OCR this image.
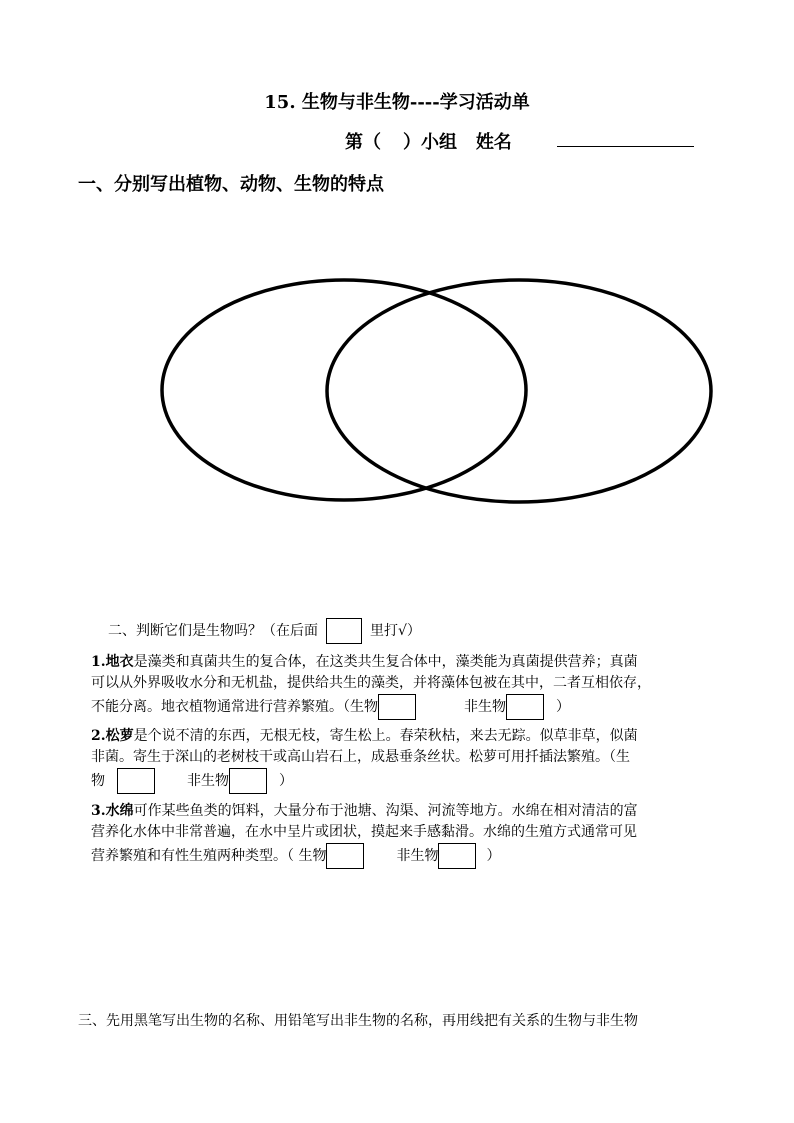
15. 生物与非生物----学习活动单
第（ ）小组 姓名
一、分别写出植物、动物、生物的特点
二、判断它们是生物吗？（在后面	里打√）
1.地衣是藻类和真菌共生的复合体，在这类共生复合体中，藻类能为真菌提供营养；真菌
可以从外界吸收水分和无机盐，提供给共生的藻类，并将藻体包被在其中，二者互相依存，
不能分离。地衣植物通常进行营养繁殖。（生物	非生物	）
2.松萝是个说不清的东西，无根无枝，寄生松上。春荣秋枯，来去无踪。似草非草，似菌
非菌。寄生于深山的老树枝干或高山岩石上，成悬垂条丝状。松萝可用扦插法繁殖。（生
物	非生物	）
3.水绵可作某些鱼类的饵料，大量分布于池塘、沟渠、河流等地方。水绵在相对清洁的富
营养化水体中非常普遍，在水中呈片或团状，摸起来手感黏滑。水绵的生殖方式通常可见
营养繁殖和有性生殖两种类型。（ 生物	非生物	）
三、先用黑笔写出生物的名称、用铅笔写出非生物的名称，再用线把有关系的生物与非生物
